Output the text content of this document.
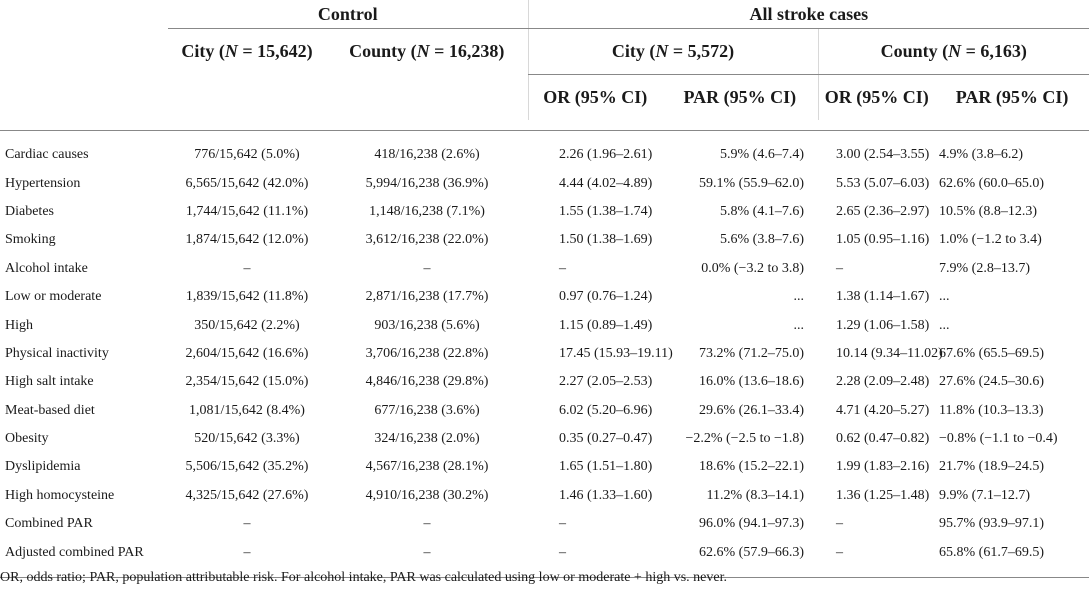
	Control		All stroke cases			
	City (N = 15,642)	County (N = 16,238)	City (N = 5,572)		County (N = 6,163)	
			OR (95% CI)	PAR (95% CI)	OR (95% CI)	PAR (95% CI)

Cardiac causes	776/15,642 (5.0%)	418/16,238 (2.6%)	2.26 (1.96–2.61)	5.9% (4.6–7.4)	3.00 (2.54–3.55)	4.9% (3.8–6.2)
Hypertension	6,565/15,642 (42.0%)	5,994/16,238 (36.9%)	4.44 (4.02–4.89)	59.1% (55.9–62.0)	5.53 (5.07–6.03)	62.6% (60.0–65.0)
Diabetes	1,744/15,642 (11.1%)	1,148/16,238 (7.1%)	1.55 (1.38–1.74)	5.8% (4.1–7.6)	2.65 (2.36–2.97)	10.5% (8.8–12.3)
Smoking	1,874/15,642 (12.0%)	3,612/16,238 (22.0%)	1.50 (1.38–1.69)	5.6% (3.8–7.6)	1.05 (0.95–1.16)	1.0% (−1.2 to 3.4)
Alcohol intake	–	–	–	0.0% (−3.2 to 3.8)	–	7.9% (2.8–13.7)
Low or moderate	1,839/15,642 (11.8%)	2,871/16,238 (17.7%)	0.97 (0.76–1.24)	...	1.38 (1.14–1.67)	...
High	350/15,642 (2.2%)	903/16,238 (5.6%)	1.15 (0.89–1.49)	...	1.29 (1.06–1.58)	...
Physical inactivity	2,604/15,642 (16.6%)	3,706/16,238 (22.8%)	17.45 (15.93–19.11)	73.2% (71.2–75.0)	10.14 (9.34–11.02)	67.6% (65.5–69.5)
High salt intake	2,354/15,642 (15.0%)	4,846/16,238 (29.8%)	2.27 (2.05–2.53)	16.0% (13.6–18.6)	2.28 (2.09–2.48)	27.6% (24.5–30.6)
Meat-based diet	1,081/15,642 (8.4%)	677/16,238 (3.6%)	6.02 (5.20–6.96)	29.6% (26.1–33.4)	4.71 (4.20–5.27)	11.8% (10.3–13.3)
Obesity	520/15,642 (3.3%)	324/16,238 (2.0%)	0.35 (0.27–0.47)	−2.2% (−2.5 to −1.8)	0.62 (0.47–0.82)	−0.8% (−1.1 to −0.4)
Dyslipidemia	5,506/15,642 (35.2%)	4,567/16,238 (28.1%)	1.65 (1.51–1.80)	18.6% (15.2–22.1)	1.99 (1.83–2.16)	21.7% (18.9–24.5)
High homocysteine	4,325/15,642 (27.6%)	4,910/16,238 (30.2%)	1.46 (1.33–1.60)	11.2% (8.3–14.1)	1.36 (1.25–1.48)	9.9% (7.1–12.7)
Combined PAR	–	–	–	96.0% (94.1–97.3)	–	95.7% (93.9–97.1)
Adjusted combined PAR	–	–	–	62.6% (57.9–66.3)	–	65.8% (61.7–69.5)

OR, odds ratio; PAR, population attributable risk. For alcohol intake, PAR was calculated using low or moderate + high vs. never.
